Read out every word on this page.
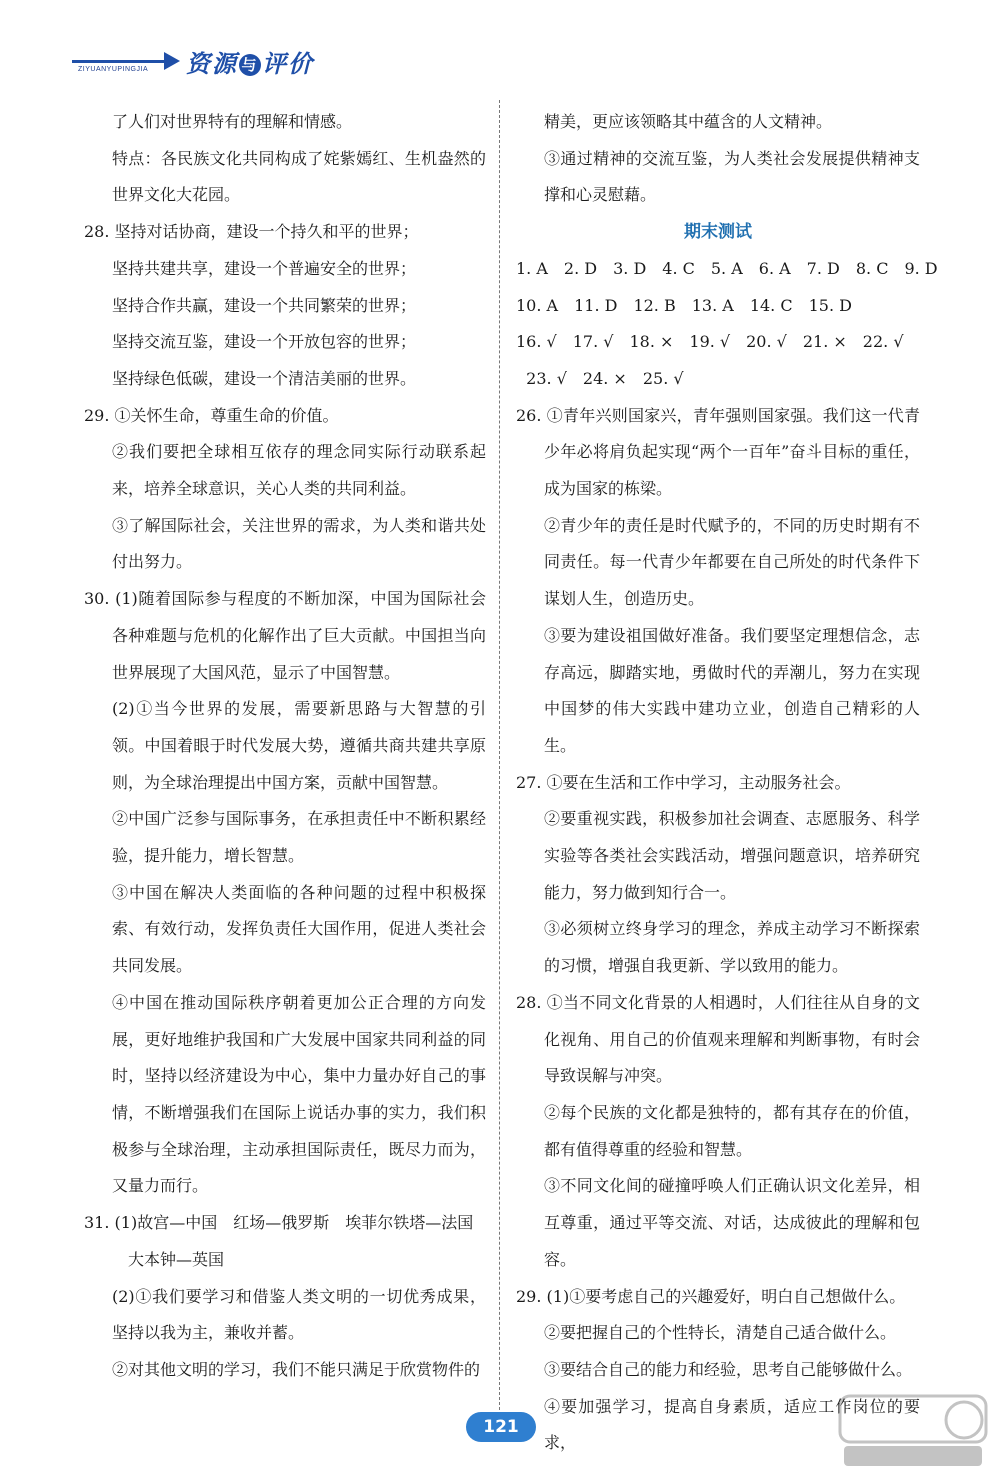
ZIYUANYUPINGJIA 资源 与 评价

了人们对世界特有的理解和情感。

特点：各民族文化共同构成了姹紫嫣红、生机盎然的世界文化大花园。

28. 坚持对话协商，建设一个持久和平的世界；

坚持共建共享，建设一个普遍安全的世界；

坚持合作共赢，建设一个共同繁荣的世界；

坚持交流互鉴，建设一个开放包容的世界；

坚持绿色低碳，建设一个清洁美丽的世界。

29. ①关怀生命，尊重生命的价值。

②我们要把全球相互依存的理念同实际行动联系起来，培养全球意识，关心人类的共同利益。

③了解国际社会，关注世界的需求，为人类和谐共处付出努力。

30. (1)随着国际参与程度的不断加深，中国为国际社会各种难题与危机的化解作出了巨大贡献。中国担当向世界展现了大国风范，显示了中国智慧。

(2)①当今世界的发展，需要新思路与大智慧的引领。中国着眼于时代发展大势，遵循共商共建共享原则，为全球治理提出中国方案，贡献中国智慧。

②中国广泛参与国际事务，在承担责任中不断积累经验，提升能力，增长智慧。

③中国在解决人类面临的各种问题的过程中积极探索、有效行动，发挥负责任大国作用，促进人类社会共同发展。

④中国在推动国际秩序朝着更加公正合理的方向发展，更好地维护我国和广大发展中国家共同利益的同时，坚持以经济建设为中心，集中力量办好自己的事情，不断增强我们在国际上说话办事的实力，我们积极参与全球治理，主动承担国际责任，既尽力而为，又量力而行。

31. (1)故宫—中国　红场—俄罗斯　埃菲尔铁塔—法国

　大本钟—英国

(2)①我们要学习和借鉴人类文明的一切优秀成果，坚持以我为主，兼收并蓄。

②对其他文明的学习，我们不能只满足于欣赏物件的

精美，更应该领略其中蕴含的人文精神。

③通过精神的交流互鉴，为人类社会发展提供精神支撑和心灵慰藉。

期末测试

1. A　2. D　3. D　4. C　5. A　6. A　7. D　8. C　9. D

10. A　11. D　12. B　13. A　14. C　15. D

16. √　17. √　18. ×　19. √　20. √　21. ×　22. √

23. √　24. ×　25. √

26. ①青年兴则国家兴，青年强则国家强。我们这一代青少年必将肩负起实现“两个一百年”奋斗目标的重任，成为国家的栋梁。

②青少年的责任是时代赋予的，不同的历史时期有不同责任。每一代青少年都要在自己所处的时代条件下谋划人生，创造历史。

③要为建设祖国做好准备。我们要坚定理想信念，志存高远，脚踏实地，勇做时代的弄潮儿，努力在实现中国梦的伟大实践中建功立业，创造自己精彩的人生。

27. ①要在生活和工作中学习，主动服务社会。

②要重视实践，积极参加社会调查、志愿服务、科学实验等各类社会实践活动，增强问题意识，培养研究能力，努力做到知行合一。

③必须树立终身学习的理念，养成主动学习不断探索的习惯，增强自我更新、学以致用的能力。

28. ①当不同文化背景的人相遇时，人们往往从自身的文化视角、用自己的价值观来理解和判断事物，有时会导致误解与冲突。

②每个民族的文化都是独特的，都有其存在的价值，都有值得尊重的经验和智慧。

③不同文化间的碰撞呼唤人们正确认识文化差异，相互尊重，通过平等交流、对话，达成彼此的理解和包容。

29. (1)①要考虑自己的兴趣爱好，明白自己想做什么。

②要把握自己的个性特长，清楚自己适合做什么。

③要结合自己的能力和经验，思考自己能够做什么。

④要加强学习，提高自身素质，适应工作岗位的要求，

121
